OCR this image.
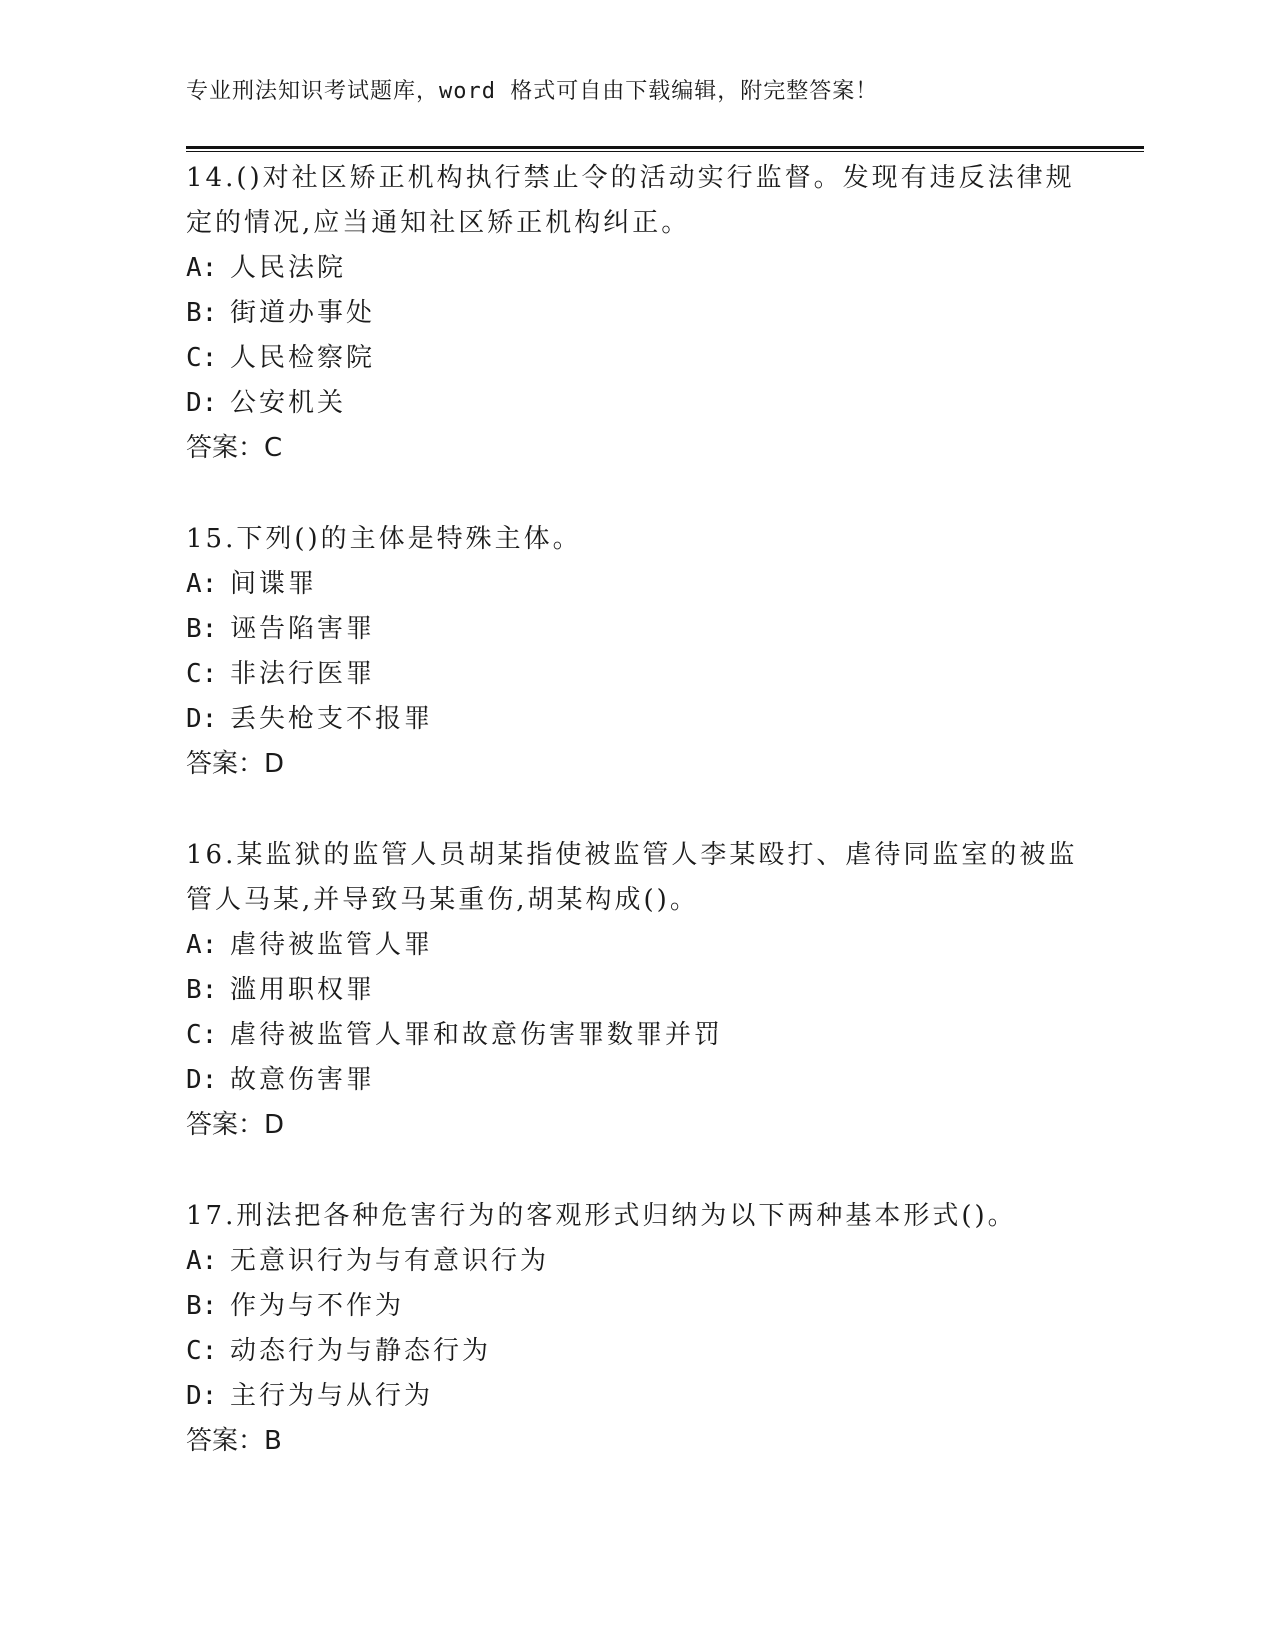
专业刑法知识考试题库，word 格式可自由下载编辑，附完整答案！
14.()对社区矫正机构执行禁止令的活动实行监督。发现有违反法律规定的情况,应当通知社区矫正机构纠正。
A: 人民法院
B: 街道办事处
C: 人民检察院
D: 公安机关
答案：C
15.下列()的主体是特殊主体。
A: 间谍罪
B: 诬告陷害罪
C: 非法行医罪
D: 丢失枪支不报罪
答案：D
16.某监狱的监管人员胡某指使被监管人李某殴打、虐待同监室的被监管人马某,并导致马某重伤,胡某构成()。
A: 虐待被监管人罪
B: 滥用职权罪
C: 虐待被监管人罪和故意伤害罪数罪并罚
D: 故意伤害罪
答案：D
17.刑法把各种危害行为的客观形式归纳为以下两种基本形式()。
A: 无意识行为与有意识行为
B: 作为与不作为
C: 动态行为与静态行为
D: 主行为与从行为
答案：B
